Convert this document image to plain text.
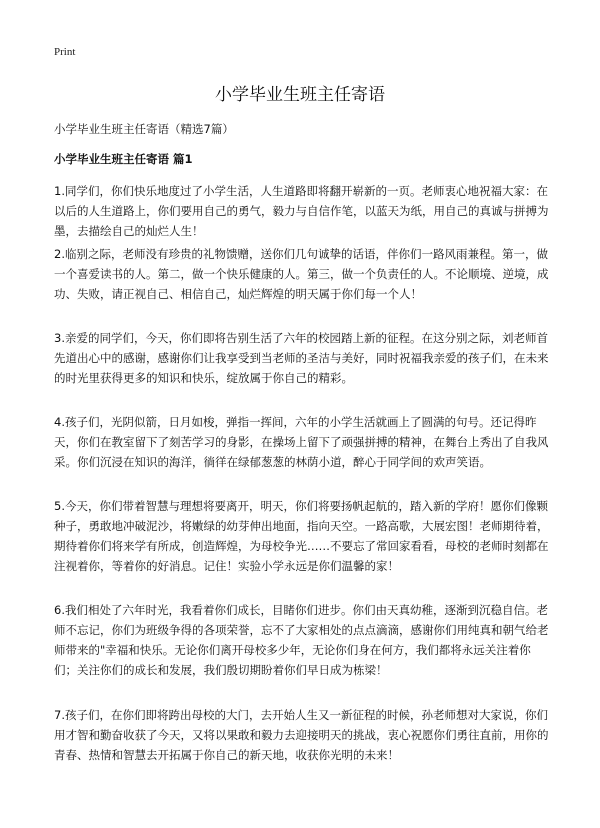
Print
小学毕业生班主任寄语
小学毕业生班主任寄语（精选7篇）
小学毕业生班主任寄语 篇1

1.同学们，你们快乐地度过了小学生活，人生道路即将翻开崭新的一页。老师衷心地祝福大家：在以后的人生道路上，你们要用自己的勇气，毅力与自信作笔，以蓝天为纸，用自己的真诚与拼搏为墨，去描绘自己的灿烂人生！

2.临别之际，老师没有珍贵的礼物馈赠，送你们几句诚挚的话语，伴你们一路风雨兼程。第一，做一个喜爱读书的人。第二，做一个快乐健康的人。第三，做一个负责任的人。不论顺境、逆境，成功、失败，请正视自己、相信自己，灿烂辉煌的明天属于你们每一个人！

3.亲爱的同学们，今天，你们即将告别生活了六年的校园踏上新的征程。在这分别之际，刘老师首先道出心中的感谢，感谢你们让我享受到当老师的圣洁与美好，同时祝福我亲爱的孩子们，在未来的时光里获得更多的知识和快乐，绽放属于你自己的精彩。

4.孩子们，光阴似箭，日月如梭，弹指一挥间，六年的小学生活就画上了圆满的句号。还记得昨天，你们在教室留下了刻苦学习的身影，在操场上留下了顽强拼搏的精神，在舞台上秀出了自我风采。你们沉浸在知识的海洋，徜徉在绿郁葱葱的林荫小道，醉心于同学间的欢声笑语。

5.今天，你们带着智慧与理想将要离开，明天，你们将要扬帆起航的，踏入新的学府！愿你们像颗种子，勇敢地冲破泥沙，将嫩绿的幼芽伸出地面，指向天空。一路高歌，大展宏图！老师期待着，期待着你们将来学有所成，创造辉煌，为母校争光……不要忘了常回家看看，母校的老师时刻都在注视着你，等着你的好消息。记住！实验小学永远是你们温馨的家！

6.我们相处了六年时光，我看着你们成长，目睹你们进步。你们由天真幼稚，逐渐到沉稳自信。老师不忘记，你们为班级争得的各项荣誉，忘不了大家相处的点点滴滴，感谢你们用纯真和朝气给老师带来的"幸福和快乐。无论你们离开母校多少年，无论你们身在何方，我们都将永远关注着你们；关注你们的成长和发展，我们殷切期盼着你们早日成为栋梁！

7.孩子们，在你们即将跨出母校的大门，去开始人生又一新征程的时候，孙老师想对大家说，你们用才智和勤奋收获了今天，又将以果敢和毅力去迎接明天的挑战，衷心祝愿你们勇往直前，用你的青春、热情和智慧去开拓属于你自己的新天地，收获你光明的未来！
